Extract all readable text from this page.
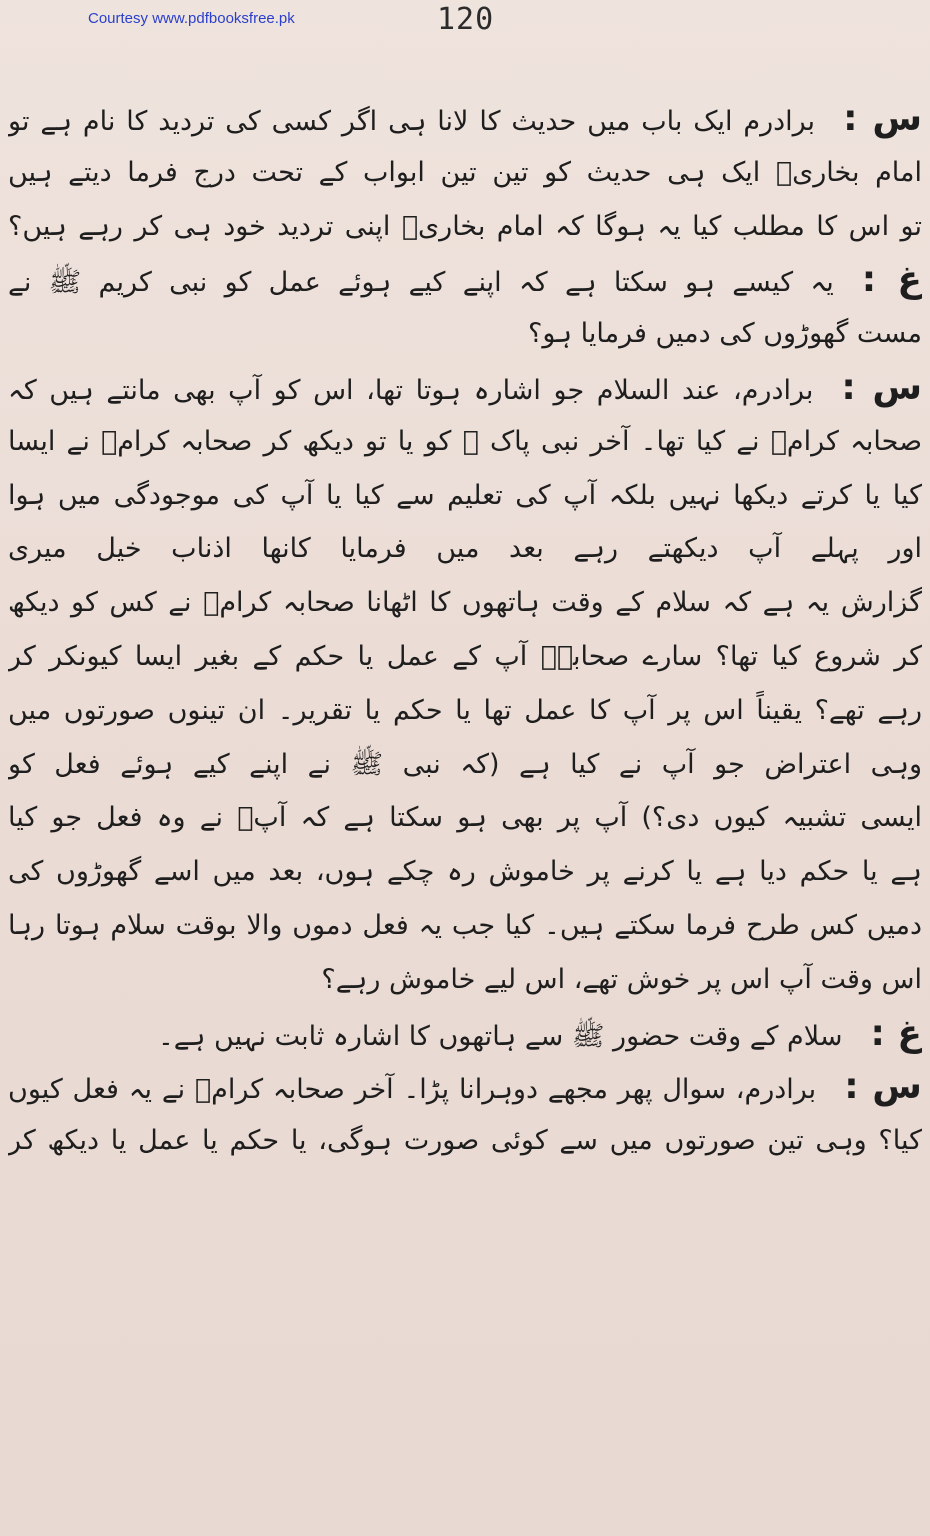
Courtesy www.pdfbooksfree.pk	120
س :برادرم ایک باب میں حدیث کا لانا ہی اگر کسی کی تردید کا نام ہے تو
امام بخاریؒ ایک ہی حدیث کو تین تین ابواب کے تحت درج فرما دیتے ہیں
تو اس کا مطلب کیا یہ ہوگا کہ امام بخاریؒ اپنی تردید خود ہی کر رہے ہیں؟
غ :یہ کیسے ہو سکتا ہے کہ اپنے کیے ہوئے عمل کو نبی کریم ﷺ نے
مست گھوڑوں کی دمیں فرمایا ہو؟
س :برادرم، عند السلام جو اشارہ ہوتا تھا، اس کو آپ بھی مانتے ہیں کہ
صحابہ کرامؓ نے کیا تھا۔ آخر نبی پاک ﷺ کو یا تو دیکھ کر صحابہ کرامؓ نے ایسا
کیا یا کرتے دیکھا نہیں بلکہ آپ کی تعلیم سے کیا یا آپ کی موجودگی میں ہوا
اور پہلے آپ دیکھتے رہے بعد میں فرمایا کانھا اذناب خیل میری
گزارش یہ ہے کہ سلام کے وقت ہاتھوں کا اٹھانا صحابہ کرامؓ نے کس کو دیکھ
کر شروع کیا تھا؟ سارے صحابہؓ آپ کے عمل یا حکم کے بغیر ایسا کیونکر کر
رہے تھے؟ یقیناً اس پر آپ کا عمل تھا یا حکم یا تقریر۔ ان تینوں صورتوں میں
وہی اعتراض جو آپ نے کیا ہے (کہ نبی ﷺ نے اپنے کیے ہوئے فعل کو
ایسی تشبیہ کیوں دی؟) آپ پر بھی ہو سکتا ہے کہ آپؐ نے وہ فعل جو کیا
ہے یا حکم دیا ہے یا کرنے پر خاموش رہ چکے ہوں، بعد میں اسے گھوڑوں کی
دمیں کس طرح فرما سکتے ہیں۔ کیا جب یہ فعل دموں والا بوقت سلام ہوتا رہا
اس وقت آپ اس پر خوش تھے، اس لیے خاموش رہے؟
غ :سلام کے وقت حضور ﷺ سے ہاتھوں کا اشارہ ثابت نہیں ہے۔
س :برادرم، سوال پھر مجھے دوہرانا پڑا۔ آخر صحابہ کرامؓ نے یہ فعل کیوں
کیا؟ وہی تین صورتوں میں سے کوئی صورت ہوگی، یا حکم یا عمل یا دیکھ کر
